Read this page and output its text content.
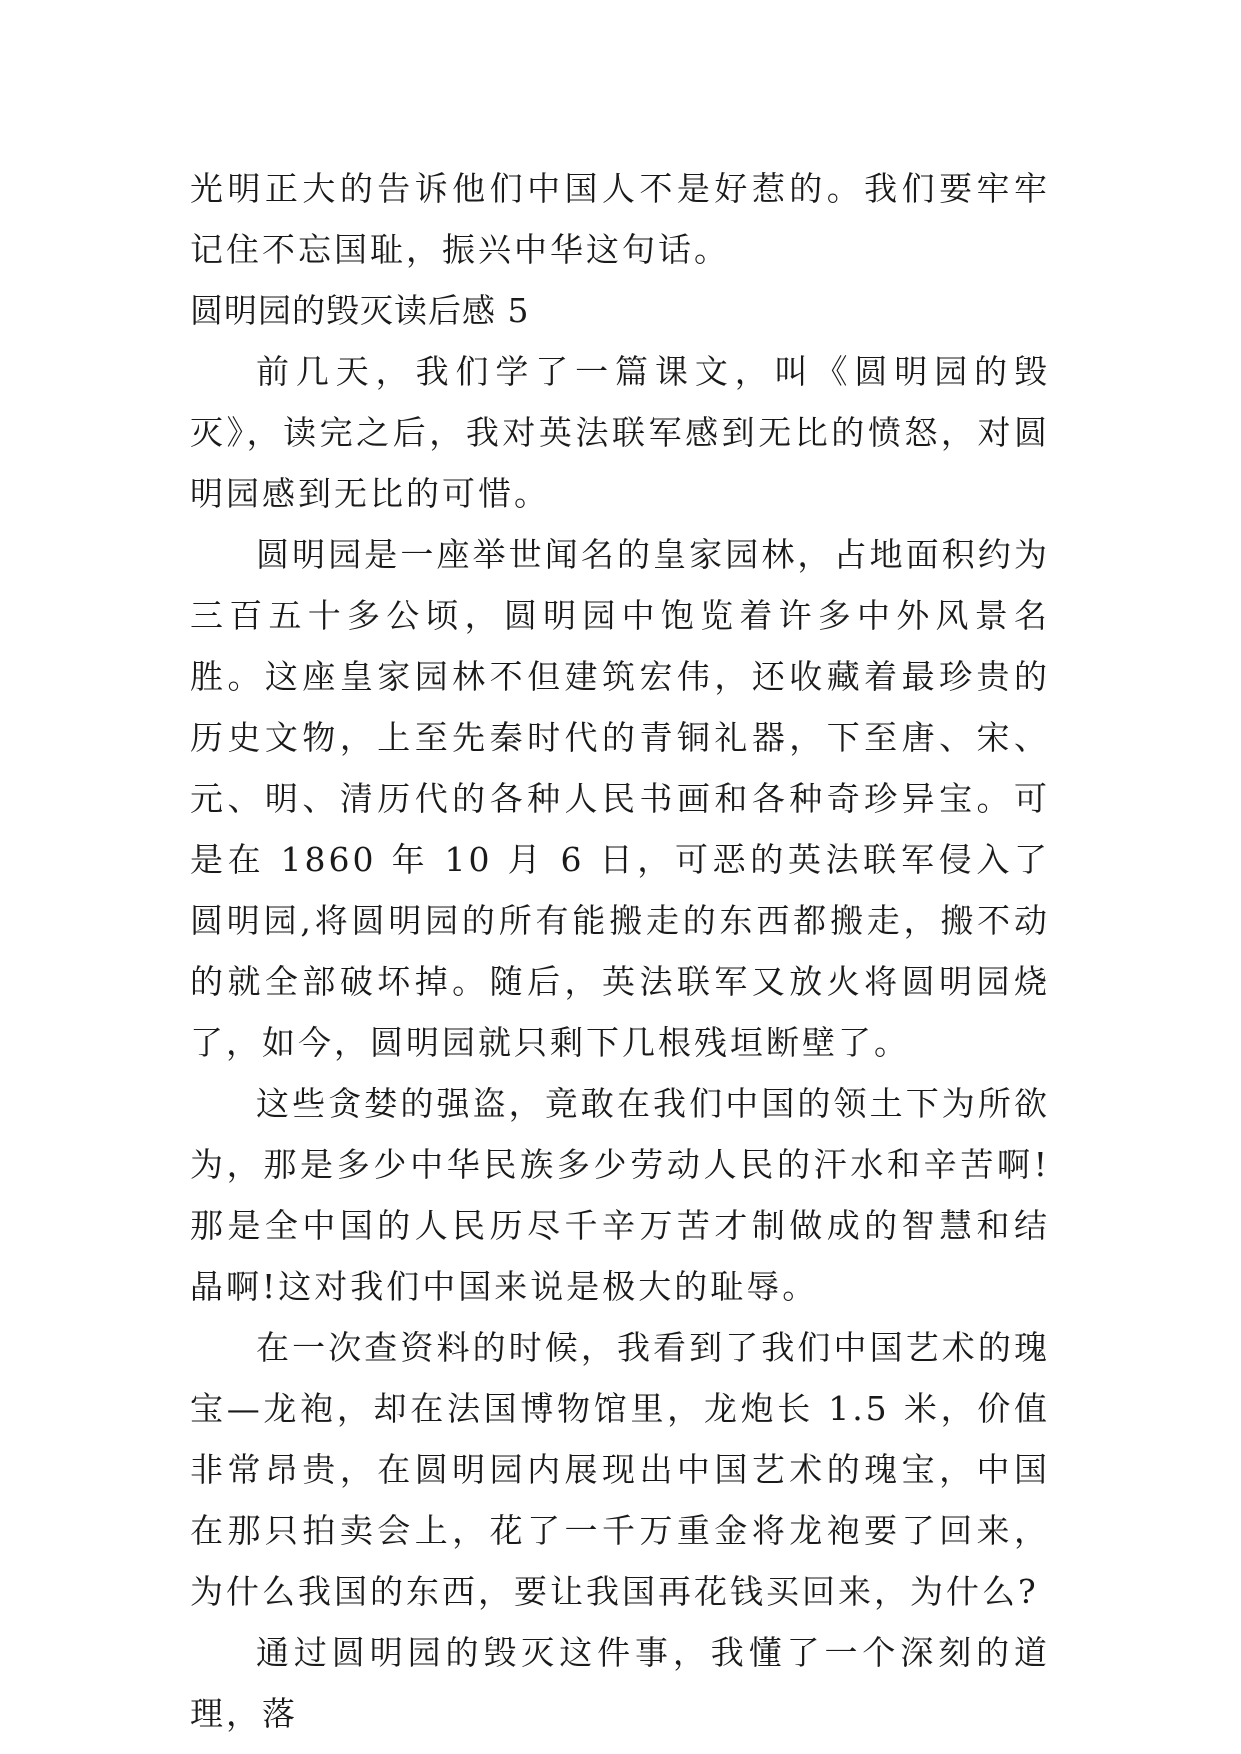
光明正大的告诉他们中国人不是好惹的。我们要牢牢记住不忘国耻，振兴中华这句话。

圆明园的毁灭读后感 5

前几天，我们学了一篇课文，叫《圆明园的毁灭》，读完之后，我对英法联军感到无比的愤怒，对圆明园感到无比的可惜。

圆明园是一座举世闻名的皇家园林，占地面积约为三百五十多公顷，圆明园中饱览着许多中外风景名胜。这座皇家园林不但建筑宏伟，还收藏着最珍贵的历史文物，上至先秦时代的青铜礼器，下至唐、宋、元、明、清历代的各种人民书画和各种奇珍异宝。可是在 1860 年 10 月 6 日，可恶的英法联军侵入了圆明园,将圆明园的所有能搬走的东西都搬走，搬不动的就全部破坏掉。随后，英法联军又放火将圆明园烧了，如今，圆明园就只剩下几根残垣断壁了。

这些贪婪的强盗，竟敢在我们中国的领土下为所欲为，那是多少中华民族多少劳动人民的汗水和辛苦啊!那是全中国的人民历尽千辛万苦才制做成的智慧和结晶啊!这对我们中国来说是极大的耻辱。

在一次查资料的时候，我看到了我们中国艺术的瑰宝—龙袍，却在法国博物馆里，龙炮长 1.5 米，价值非常昂贵，在圆明园内展现出中国艺术的瑰宝，中国在那只拍卖会上，花了一千万重金将龙袍要了回来，为什么我国的东西，要让我国再花钱买回来，为什么?

通过圆明园的毁灭这件事，我懂了一个深刻的道理，落
